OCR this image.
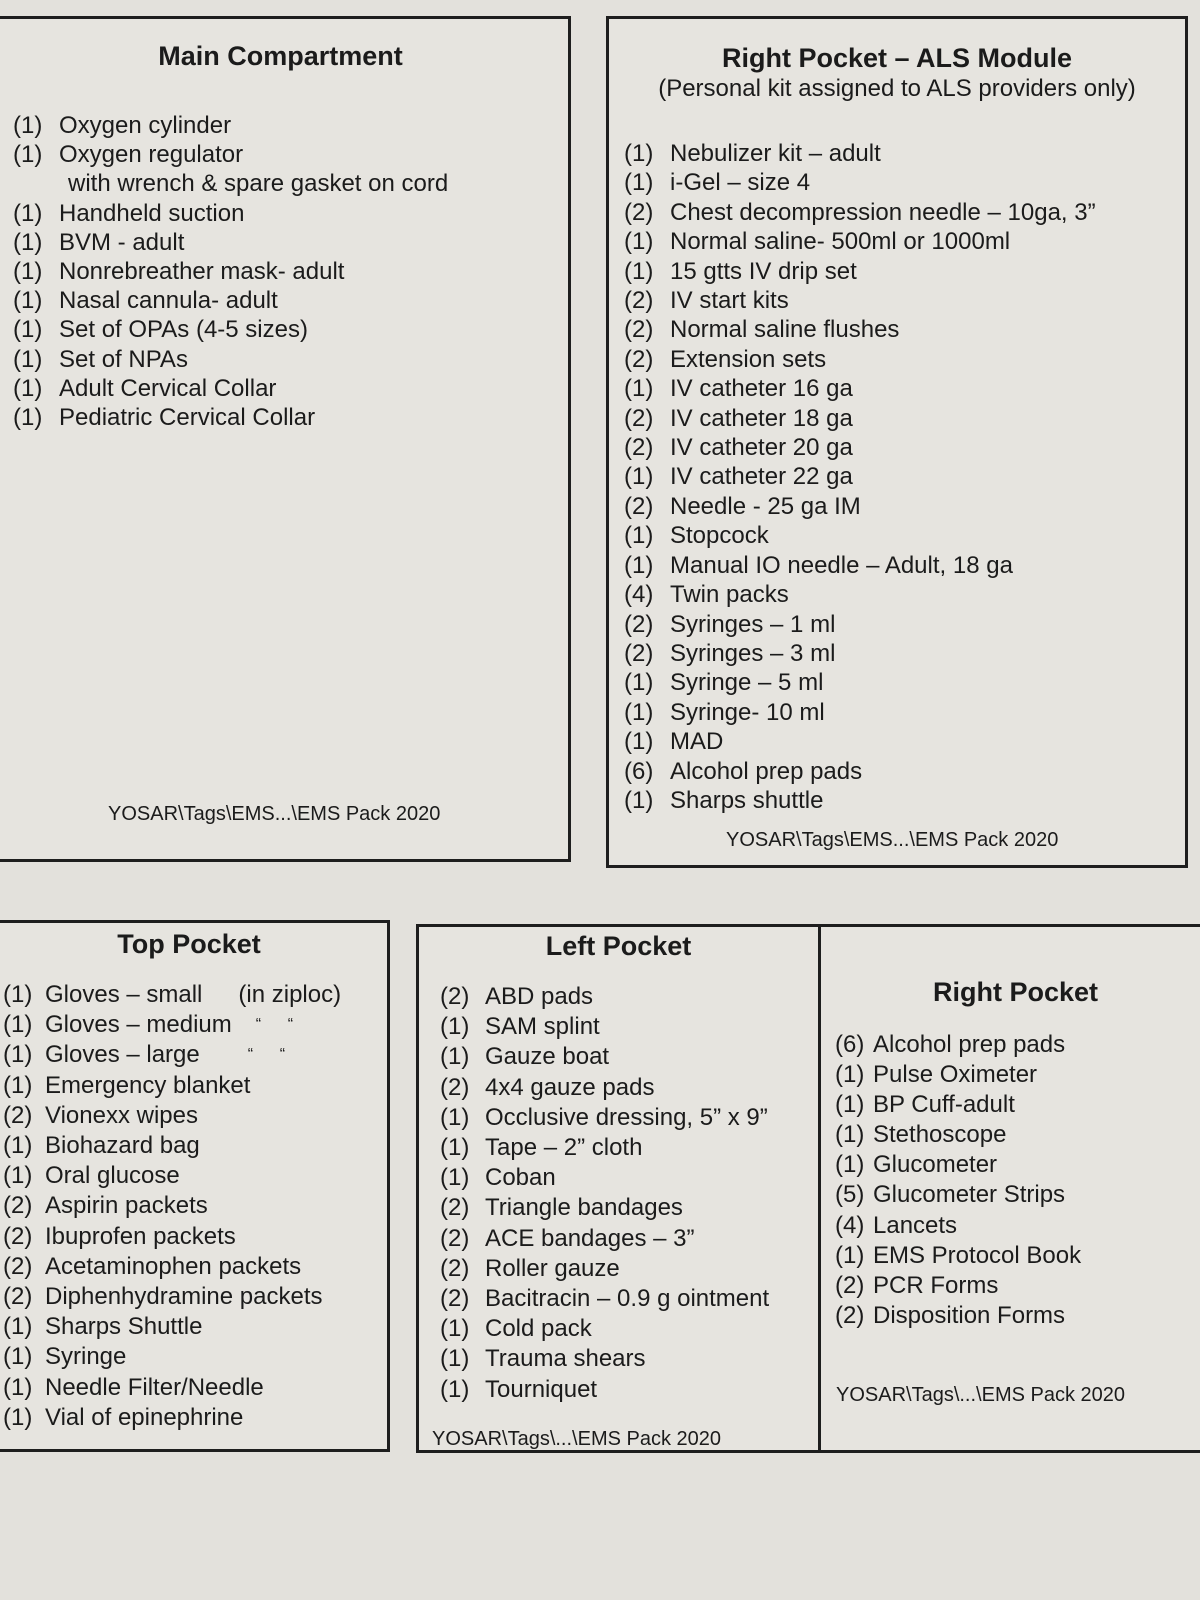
Main Compartment
(1) Oxygen cylinder
(1) Oxygen regulator
with wrench & spare gasket on cord
(1) Handheld suction
(1) BVM - adult
(1) Nonrebreather mask- adult
(1) Nasal cannula- adult
(1) Set of OPAs (4-5 sizes)
(1) Set of NPAs
(1) Adult Cervical Collar
(1) Pediatric Cervical Collar
YOSAR\Tags\EMS...\EMS Pack 2020
Right Pocket – ALS Module
(Personal kit assigned to ALS providers only)
(1) Nebulizer kit – adult
(1) i-Gel – size 4
(2) Chest decompression needle – 10ga, 3”
(1) Normal saline- 500ml or 1000ml
(1) 15 gtts IV drip set
(2) IV start kits
(2) Normal saline flushes
(2) Extension sets
(1) IV catheter 16 ga
(2) IV catheter 18 ga
(2) IV catheter 20 ga
(1) IV catheter 22 ga
(2) Needle - 25 ga IM
(1) Stopcock
(1) Manual IO needle – Adult, 18 ga
(4) Twin packs
(2) Syringes – 1 ml
(2) Syringes – 3 ml
(1) Syringe – 5 ml
(1) Syringe- 10 ml
(1) MAD
(6) Alcohol prep pads
(1) Sharps shuttle
YOSAR\Tags\EMS...\EMS Pack 2020
Top Pocket
(1) Gloves – small (in ziploc)
(1) Gloves – medium “      “
(1) Gloves – large	“      “
(1) Emergency blanket
(2) Vionexx wipes
(1) Biohazard bag
(1) Oral glucose
(2) Aspirin packets
(2) Ibuprofen packets
(2) Acetaminophen packets
(2) Diphenhydramine packets
(1) Sharps Shuttle
(1) Syringe
(1) Needle Filter/Needle
(1) Vial of epinephrine
Left Pocket
(2) ABD pads
(1) SAM splint
(1) Gauze boat
(2) 4x4 gauze pads
(1) Occlusive dressing, 5” x 9”
(1) Tape – 2” cloth
(1) Coban
(2) Triangle bandages
(2) ACE bandages – 3”
(2) Roller gauze
(2) Bacitracin – 0.9 g ointment
(1) Cold pack
(1) Trauma shears
(1) Tourniquet
YOSAR\Tags\...\EMS Pack 2020
Right Pocket
(6) Alcohol prep pads
(1) Pulse Oximeter
(1) BP Cuff-adult
(1) Stethoscope
(1) Glucometer
(5) Glucometer Strips
(4) Lancets
(1) EMS Protocol Book
(2) PCR Forms
(2) Disposition Forms
YOSAR\Tags\...\EMS Pack 2020
